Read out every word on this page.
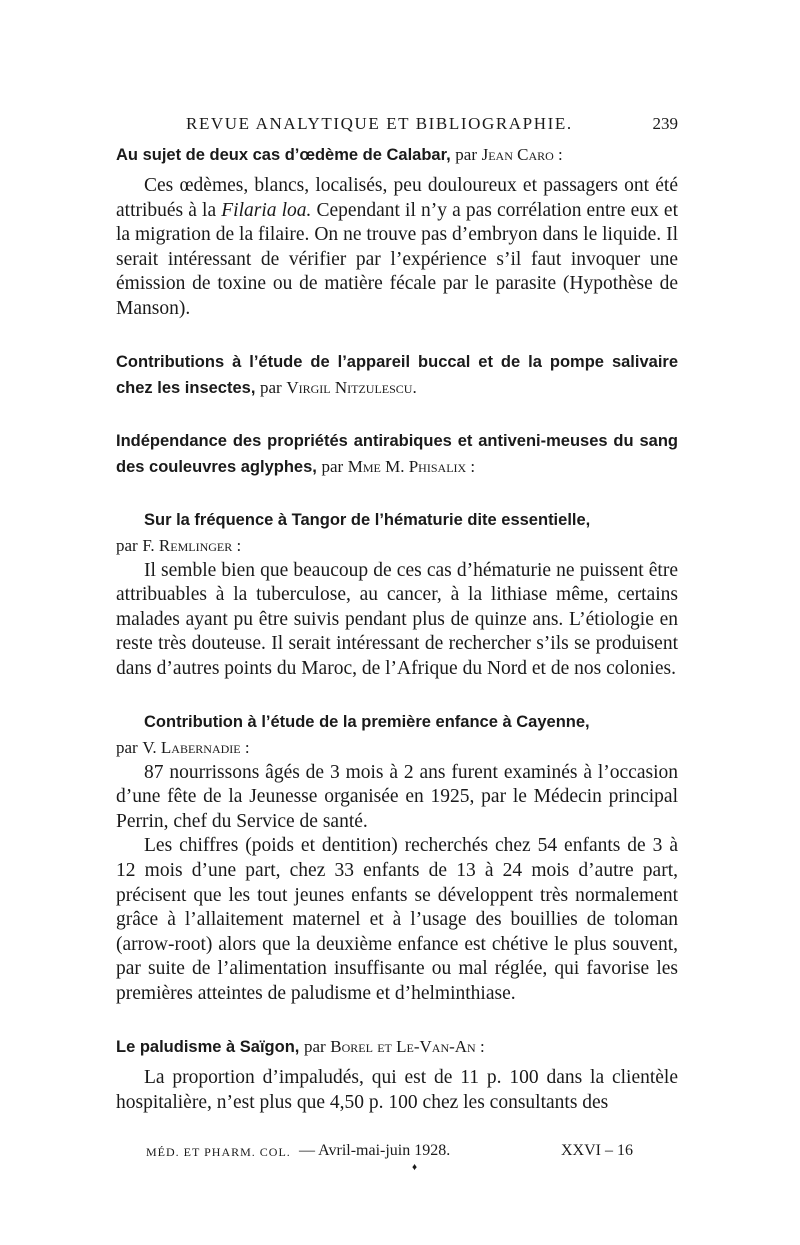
REVUE ANALYTIQUE ET BIBLIOGRAPHIE.	239
Au sujet de deux cas d’œdème de Calabar, par Jean Caro :

Ces œdèmes, blancs, localisés, peu douloureux et passagers ont été attribués à la Filaria loa. Cependant il n’y a pas corrélation entre eux et la migration de la filaire. On ne trouve pas d’embryon dans le liquide. Il serait intéressant de vérifier par l’expérience s’il faut invoquer une émission de toxine ou de matière fécale par le parasite (Hypothèse de Manson).

Contributions à l’étude de l’appareil buccal et de la pompe salivaire chez les insectes, par Virgil Nitzulescu.
Indépendance des propriétés antirabiques et antiveni-meuses du sang des couleuvres aglyphes, par Mme M. Phisalix :
Sur la fréquence à Tangor de l’hématurie dite essentielle,
par F. Remlinger :

Il semble bien que beaucoup de ces cas d’hématurie ne puissent être attribuables à la tuberculose, au cancer, à la lithiase même, certains malades ayant pu être suivis pendant plus de quinze ans. L’étiologie en reste très douteuse. Il serait intéressant de rechercher s’ils se produisent dans d’autres points du Maroc, de l’Afrique du Nord et de nos colonies.

Contribution à l’étude de la première enfance à Cayenne,
par V. Labernadie :

87 nourrissons âgés de 3 mois à 2 ans furent examinés à l’occasion d’une fête de la Jeunesse organisée en 1925, par le Médecin principal Perrin, chef du Service de santé.

Les chiffres (poids et dentition) recherchés chez 54 enfants de 3 à 12 mois d’une part, chez 33 enfants de 13 à 24 mois d’autre part, précisent que les tout jeunes enfants se développent très normalement grâce à l’allaitement maternel et à l’usage des bouillies de toloman (arrow-root) alors que la deuxième enfance est chétive le plus souvent, par suite de l’alimentation insuffisante ou mal réglée, qui favorise les premières atteintes de paludisme et d’helminthiase.

Le paludisme à Saïgon, par Borel et Le-Van-An :

La proportion d’impaludés, qui est de 11 p. 100 dans la clientèle hospitalière, n’est plus que 4,50 p. 100 chez les consultants des

MÉD. ET PHARM. COL. — Avril-mai-juin 1928.	XXVI – 16
♦
